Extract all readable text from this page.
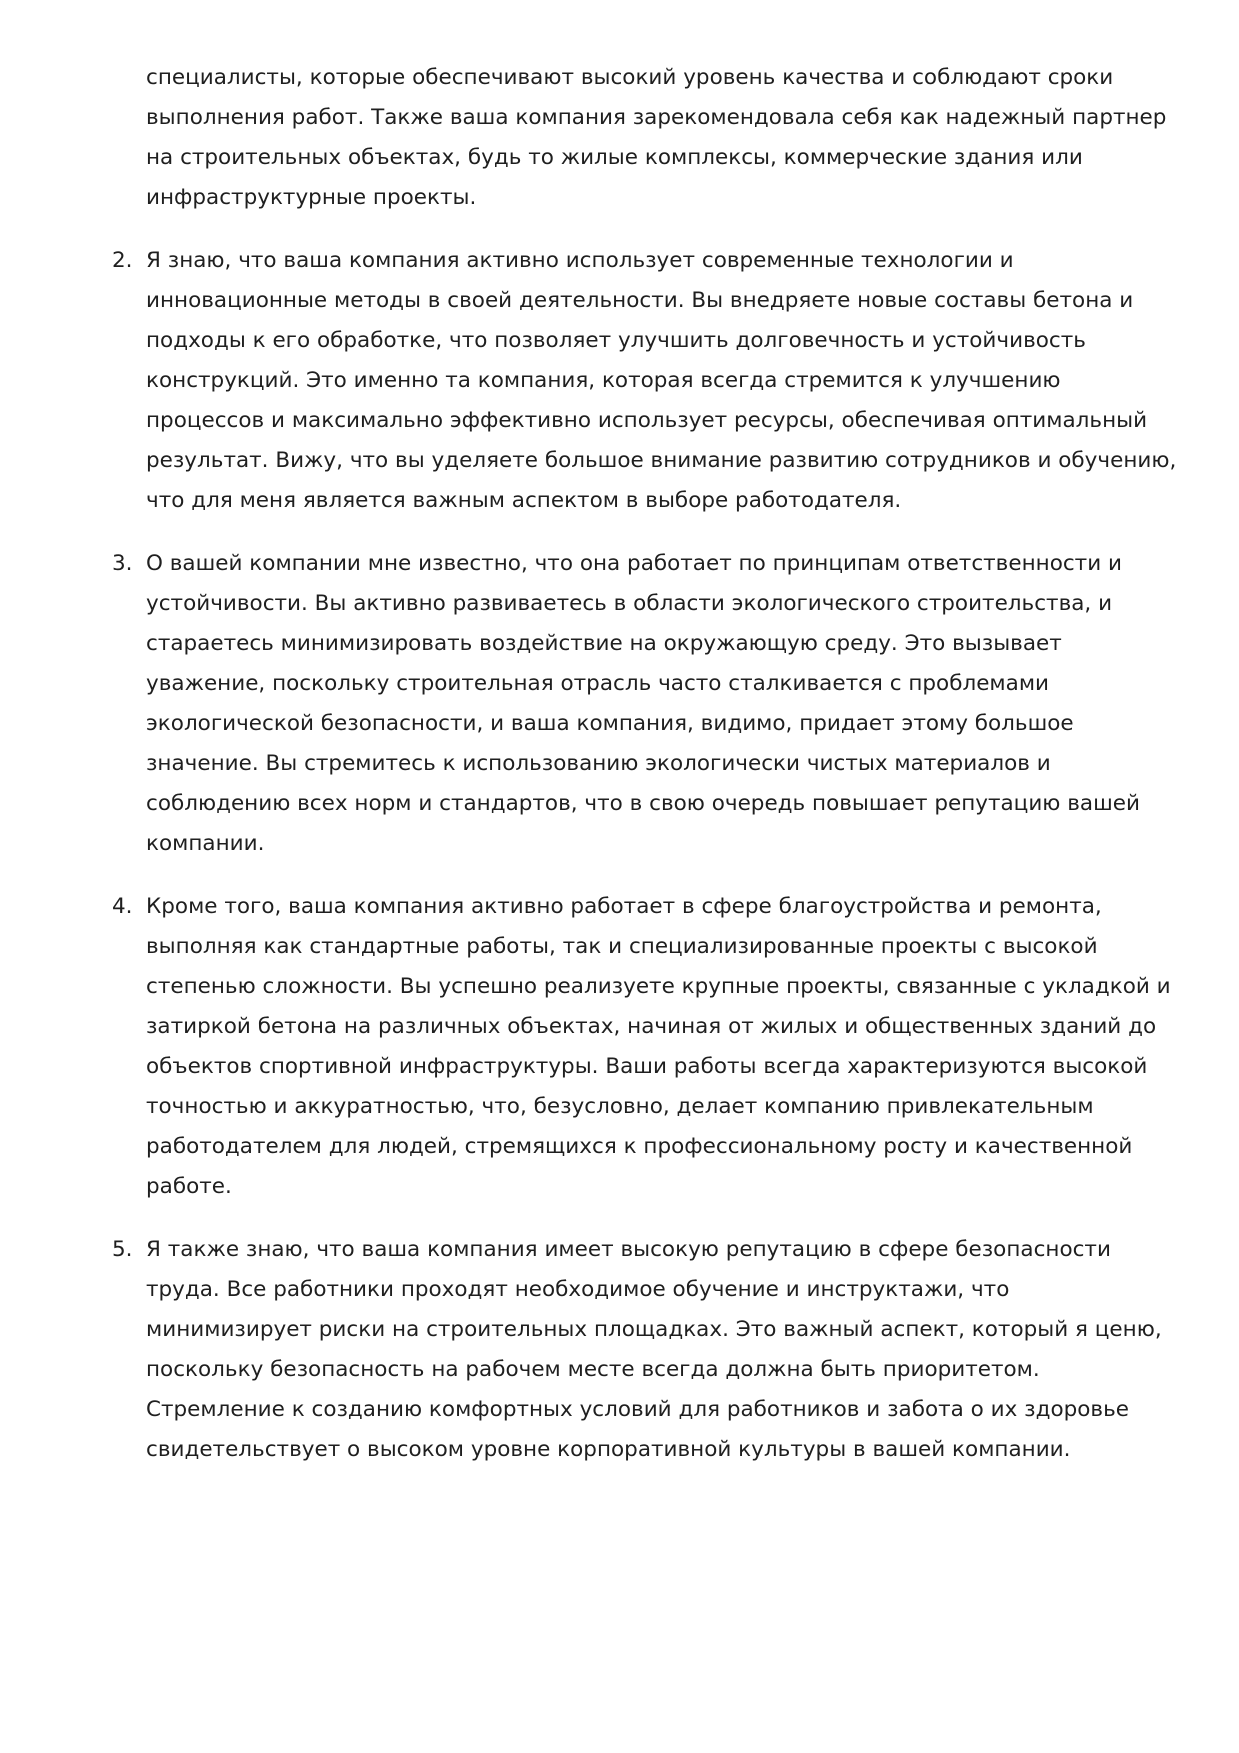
специалисты, которые обеспечивают высокий уровень качества и соблюдают сроки выполнения работ. Также ваша компания зарекомендовала себя как надежный партнер на строительных объектах, будь то жилые комплексы, коммерческие здания или инфраструктурные проекты.
2. Я знаю, что ваша компания активно использует современные технологии и инновационные методы в своей деятельности. Вы внедряете новые составы бетона и подходы к его обработке, что позволяет улучшить долговечность и устойчивость конструкций. Это именно та компания, которая всегда стремится к улучшению процессов и максимально эффективно использует ресурсы, обеспечивая оптимальный результат. Вижу, что вы уделяете большое внимание развитию сотрудников и обучению, что для меня является важным аспектом в выборе работодателя.
3. О вашей компании мне известно, что она работает по принципам ответственности и устойчивости. Вы активно развиваетесь в области экологического строительства, и стараетесь минимизировать воздействие на окружающую среду. Это вызывает уважение, поскольку строительная отрасль часто сталкивается с проблемами экологической безопасности, и ваша компания, видимо, придает этому большое значение. Вы стремитесь к использованию экологически чистых материалов и соблюдению всех норм и стандартов, что в свою очередь повышает репутацию вашей компании.
4. Кроме того, ваша компания активно работает в сфере благоустройства и ремонта, выполняя как стандартные работы, так и специализированные проекты с высокой степенью сложности. Вы успешно реализуете крупные проекты, связанные с укладкой и затиркой бетона на различных объектах, начиная от жилых и общественных зданий до объектов спортивной инфраструктуры. Ваши работы всегда характеризуются высокой точностью и аккуратностью, что, безусловно, делает компанию привлекательным работодателем для людей, стремящихся к профессиональному росту и качественной работе.
5. Я также знаю, что ваша компания имеет высокую репутацию в сфере безопасности труда. Все работники проходят необходимое обучение и инструктажи, что минимизирует риски на строительных площадках. Это важный аспект, который я ценю, поскольку безопасность на рабочем месте всегда должна быть приоритетом. Стремление к созданию комфортных условий для работников и забота о их здоровье свидетельствует о высоком уровне корпоративной культуры в вашей компании.
